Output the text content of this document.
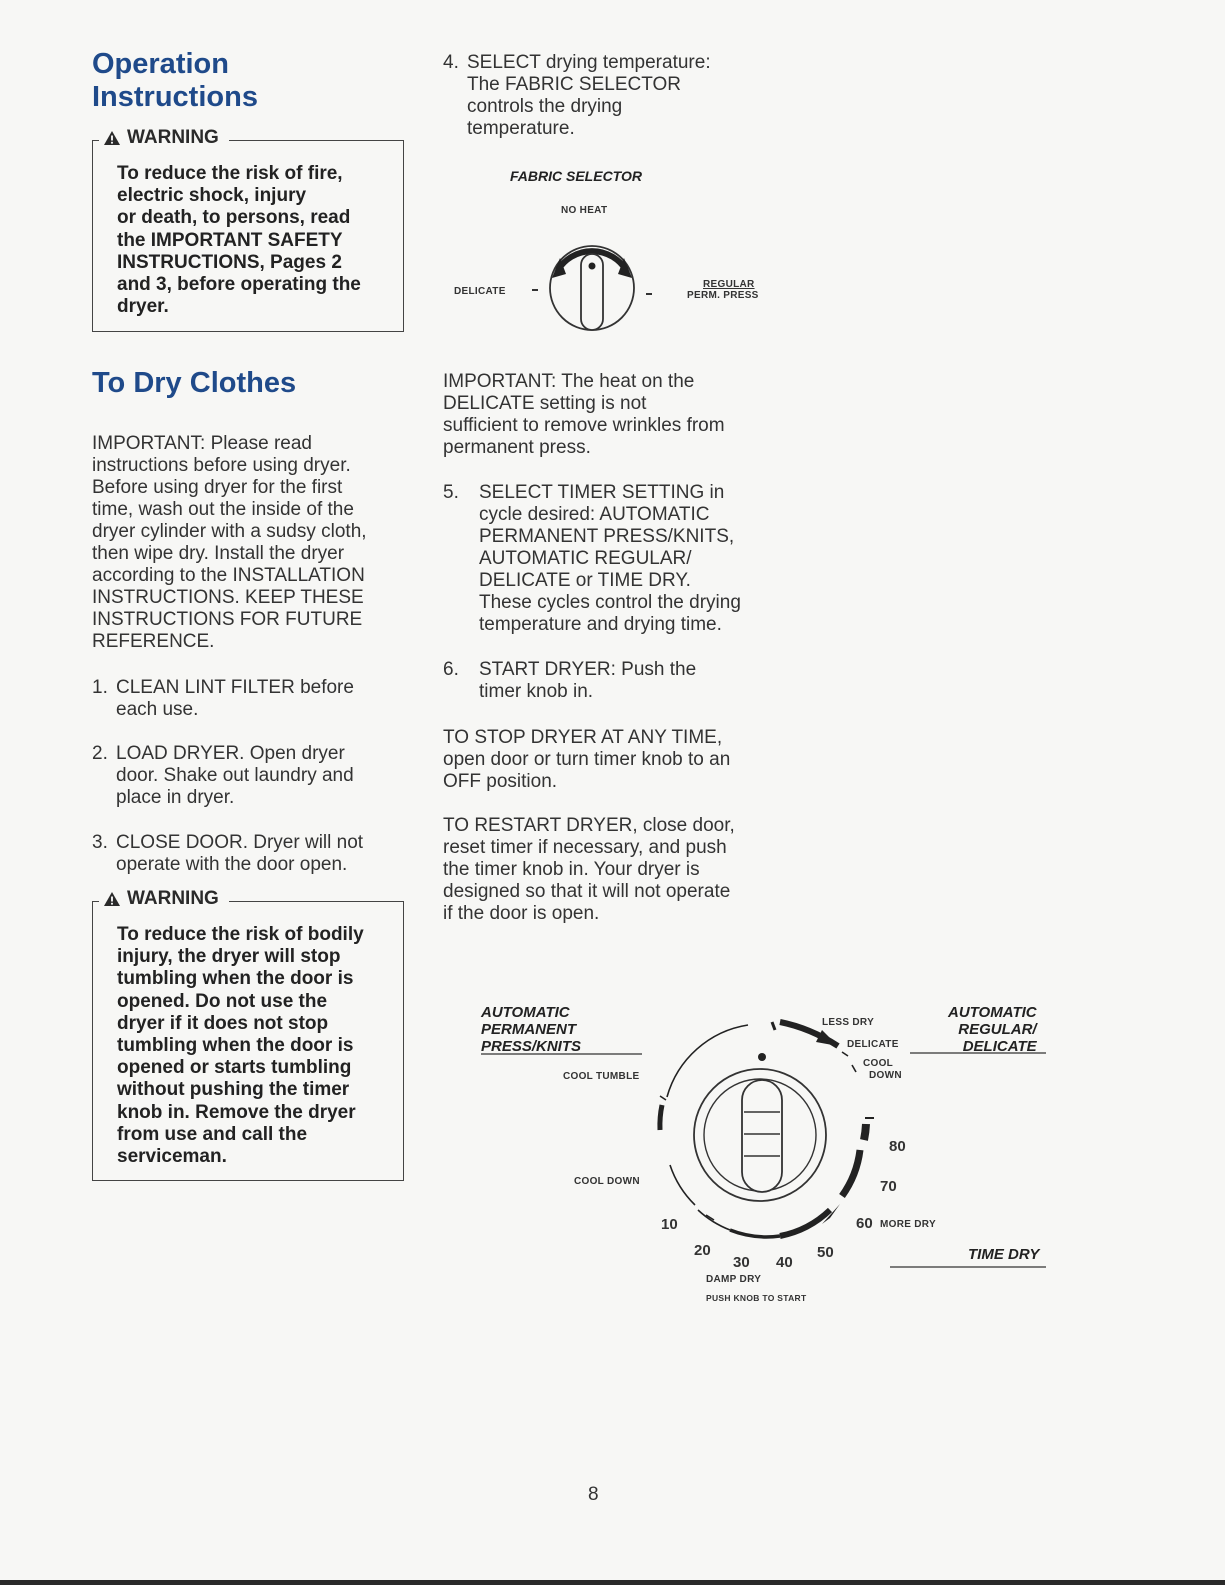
Operation
Instructions
WARNING
To reduce the risk of fire,
electric shock, injury
or death, to persons, read
the IMPORTANT SAFETY
INSTRUCTIONS, Pages 2
and 3, before operating the
dryer.
To Dry Clothes
IMPORTANT: Please read
instructions before using dryer.
Before using dryer for the first
time, wash out the inside of the
dryer cylinder with a sudsy cloth,
then wipe dry. Install the dryer
according to the INSTALLATION
INSTRUCTIONS. KEEP THESE
INSTRUCTIONS FOR FUTURE
REFERENCE.
1. CLEAN LINT FILTER before
each use.
2. LOAD DRYER. Open dryer
door. Shake out laundry and
place in dryer.
3. CLOSE DOOR. Dryer will not
operate with the door open.
WARNING
To reduce the risk of bodily
injury, the dryer will stop
tumbling when the door is
opened. Do not use the
dryer if it does not stop
tumbling when the door is
opened or starts tumbling
without pushing the timer
knob in. Remove the dryer
from use and call the
serviceman.
4. SELECT drying temperature:
The FABRIC SELECTOR
controls the drying
temperature.
FABRIC SELECTOR
NO HEAT
DELICATE
REGULAR
PERM. PRESS
IMPORTANT: The heat on the
DELICATE setting is not
sufficient to remove wrinkles from
permanent press.
5. SELECT TIMER SETTING in
cycle desired: AUTOMATIC
PERMANENT PRESS/KNITS,
AUTOMATIC REGULAR/
DELICATE or TIME DRY.
These cycles control the drying
temperature and drying time.
6. START DRYER: Push the
timer knob in.
TO STOP DRYER AT ANY TIME,
open door or turn timer knob to an
OFF position.
TO RESTART DRYER, close door,
reset timer if necessary, and push
the timer knob in. Your dryer is
designed so that it will not operate
if the door is open.
AUTOMATIC
PERMANENT
PRESS/KNITS
AUTOMATIC
REGULAR/
DELICATE
TIME DRY
COOL TUMBLE
COOL DOWN
LESS DRY
DELICATE
COOL
DOWN
MORE DRY
DAMP DRY
PUSH KNOB TO START
10
20
30 40
50
60
70
80
8
